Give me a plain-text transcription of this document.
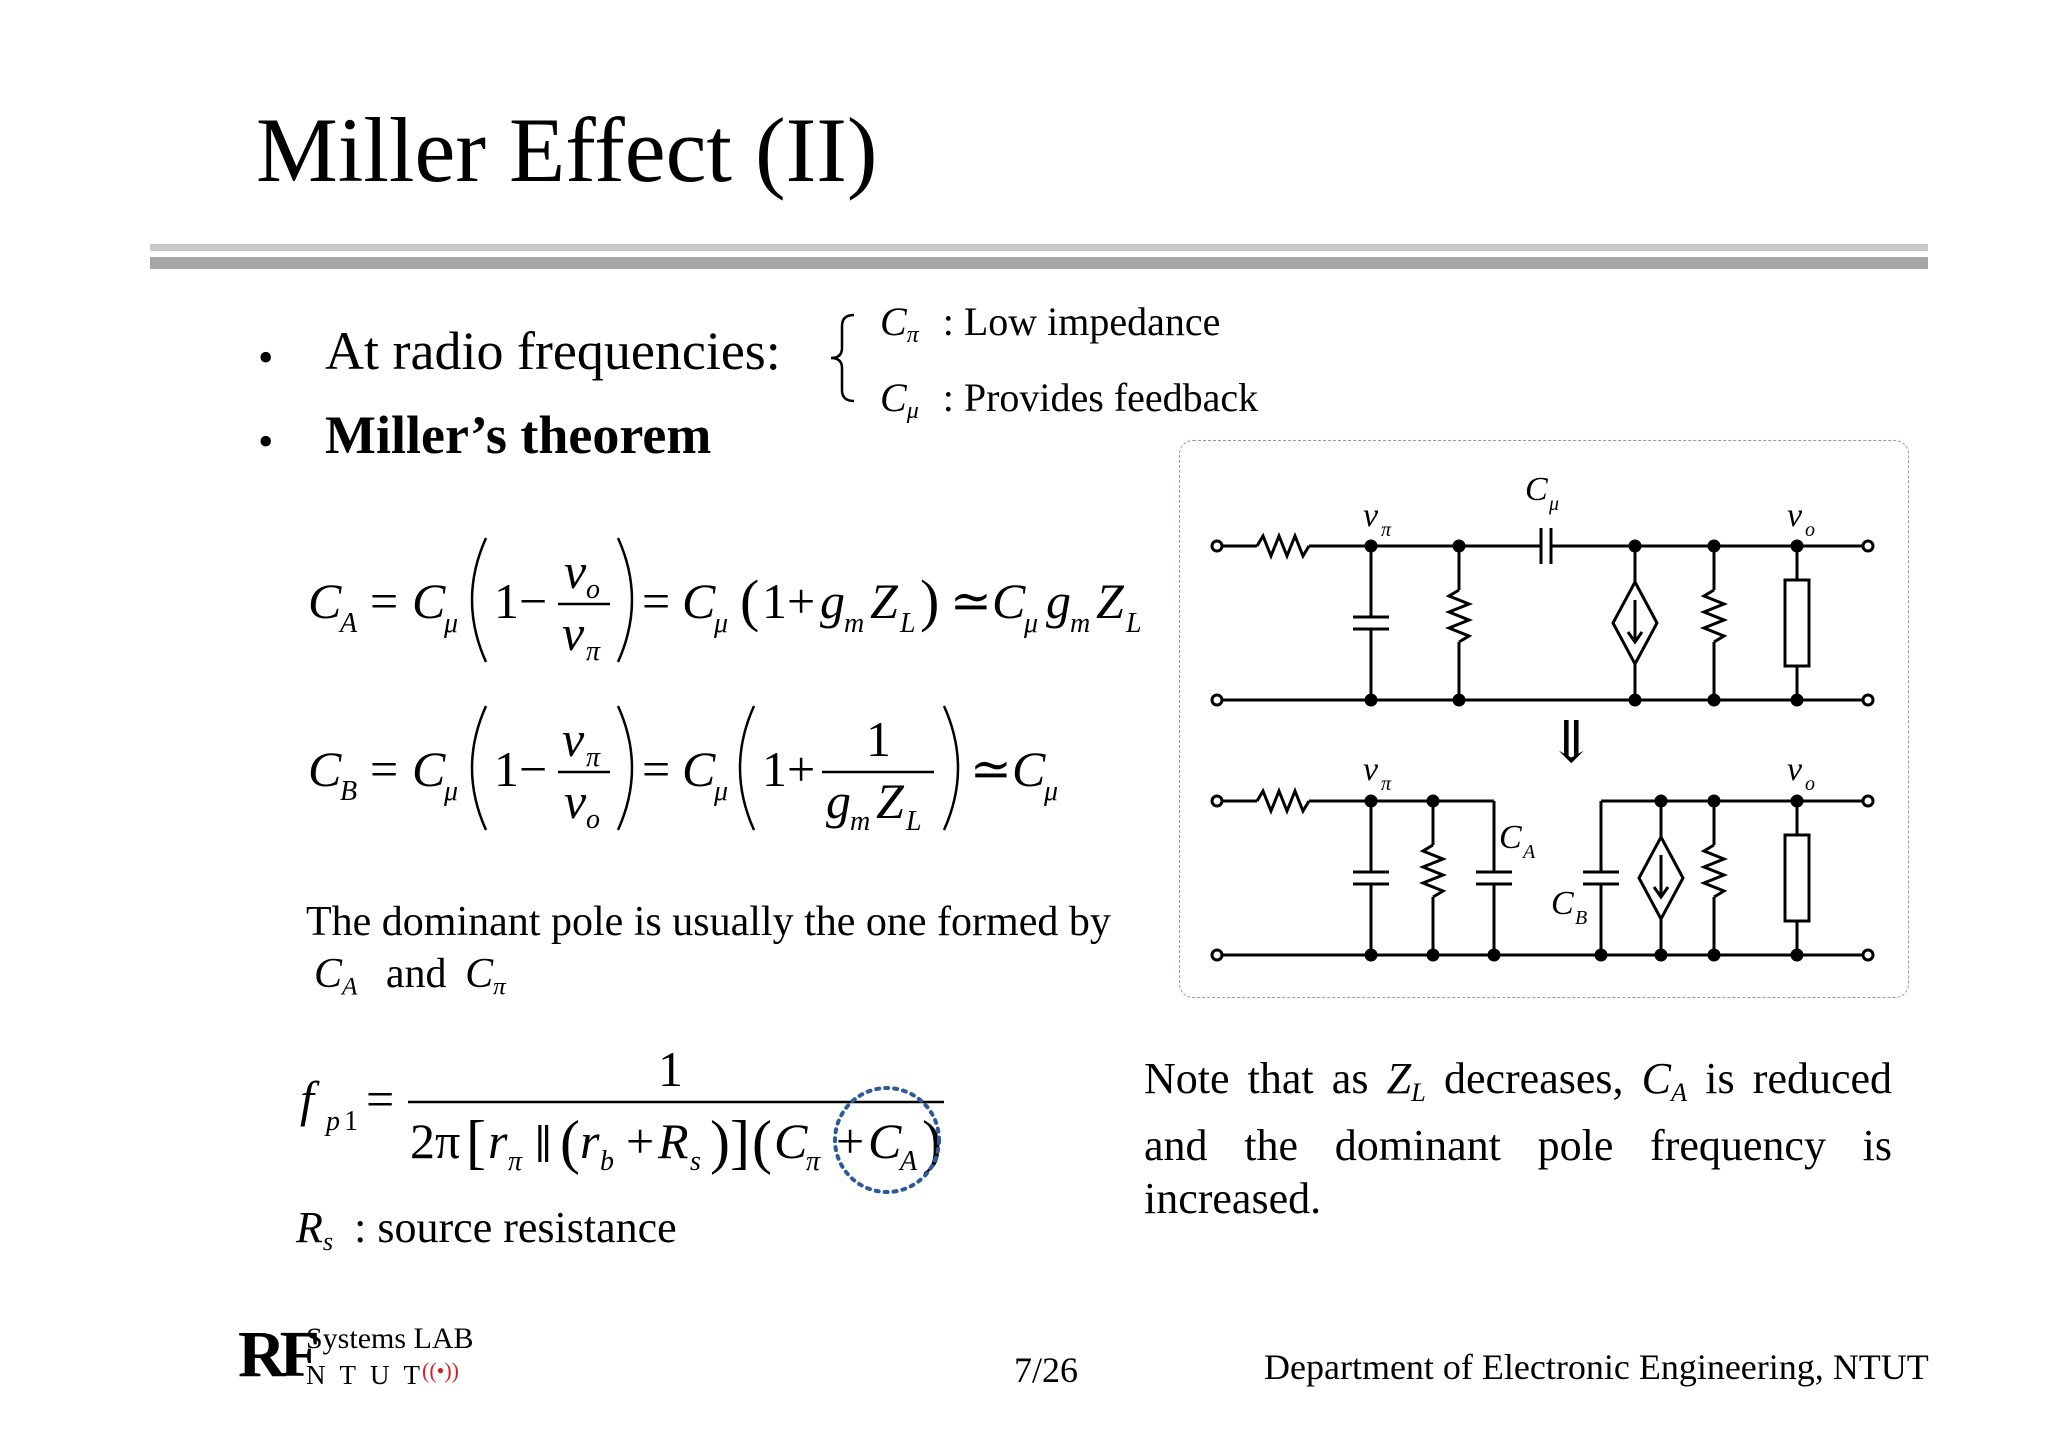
Miller Effect (II)
• At radio frequencies: $C_\pi$ : Low impedance
$C_\mu$ : Provides feedback
• Miller’s theorem
C
A = C
μ 1−
v o
v π
= C
μ ( 1+ g m Z L ) ≃ C
μ g m Z L
C
B = C
μ 1−
v π
v o
= C
μ 1+
1
g m Z L
≃ C
μ
The dominant pole is usually the one formed by
$C_A$ and $C_\pi$
f p 1 =
1
2π [ r π ∥ ( r b + R s ) ] ( C
π + C
A )
$R_s$ : source resistance
v π	v o
C μ
v π	v o
C A
C B
⇓
Note that as $Z_L$ decreases, $C_A$ is reduced and the dominant pole frequency is increased.
RF
Systems LAB
NTUT
((•))	7/26	Department of Electronic Engineering, NTUT
